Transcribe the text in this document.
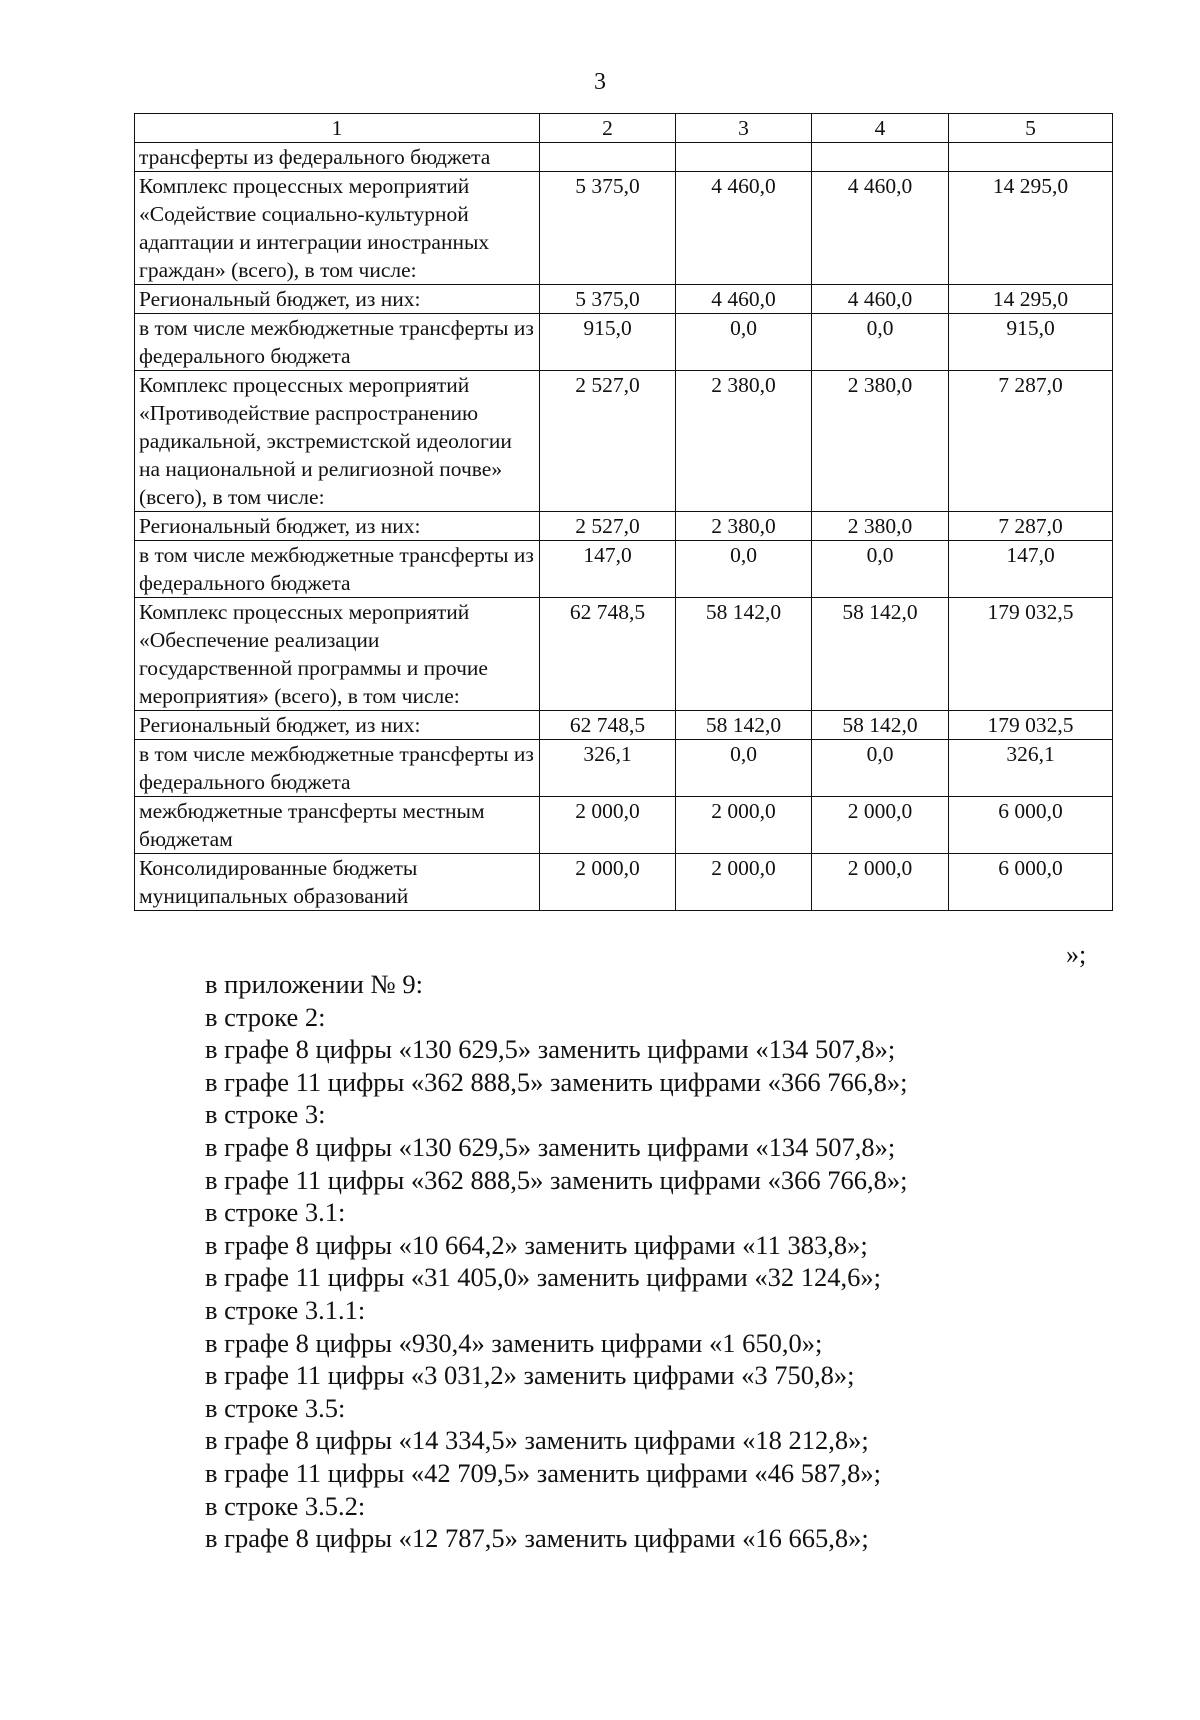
3
1	2	3	4	5
трансферты из федерального бюджета				
Комплекс процессных мероприятий «Содействие социально-культурной адаптации и интеграции иностранных граждан» (всего), в том числе:	5 375,0	4 460,0	4 460,0	14 295,0
Региональный бюджет, из них:	5 375,0	4 460,0	4 460,0	14 295,0
в том числе межбюджетные трансферты из федерального бюджета	915,0	0,0	0,0	915,0
Комплекс процессных мероприятий «Противодействие распространению радикальной, экстремистской идеологии на национальной и религиозной почве» (всего), в том числе:	2 527,0	2 380,0	2 380,0	7 287,0
Региональный бюджет, из них:	2 527,0	2 380,0	2 380,0	7 287,0
в том числе межбюджетные трансферты из федерального бюджета	147,0	0,0	0,0	147,0
Комплекс процессных мероприятий «Обеспечение реализации государственной программы и прочие мероприятия» (всего), в том числе:	62 748,5	58 142,0	58 142,0	179 032,5
Региональный бюджет, из них:	62 748,5	58 142,0	58 142,0	179 032,5
в том числе межбюджетные трансферты из федерального бюджета	326,1	0,0	0,0	326,1
межбюджетные трансферты местным бюджетам	2 000,0	2 000,0	2 000,0	6 000,0
Консолидированные бюджеты муниципальных образований	2 000,0	2 000,0	2 000,0	6 000,0
»;
в приложении № 9:
в строке 2:
в графе 8 цифры «130 629,5» заменить цифрами «134 507,8»;
в графе 11 цифры «362 888,5» заменить цифрами «366 766,8»;
в строке 3:
в графе 8 цифры «130 629,5» заменить цифрами «134 507,8»;
в графе 11 цифры «362 888,5» заменить цифрами «366 766,8»;
в строке 3.1:
в графе 8 цифры «10 664,2» заменить цифрами «11 383,8»;
в графе 11 цифры «31 405,0» заменить цифрами «32 124,6»;
в строке 3.1.1:
в графе 8 цифры «930,4» заменить цифрами «1 650,0»;
в графе 11 цифры «3 031,2» заменить цифрами «3 750,8»;
в строке 3.5:
в графе 8 цифры «14 334,5» заменить цифрами «18 212,8»;
в графе 11 цифры «42 709,5» заменить цифрами «46 587,8»;
в строке 3.5.2:
в графе 8 цифры «12 787,5» заменить цифрами «16 665,8»;
